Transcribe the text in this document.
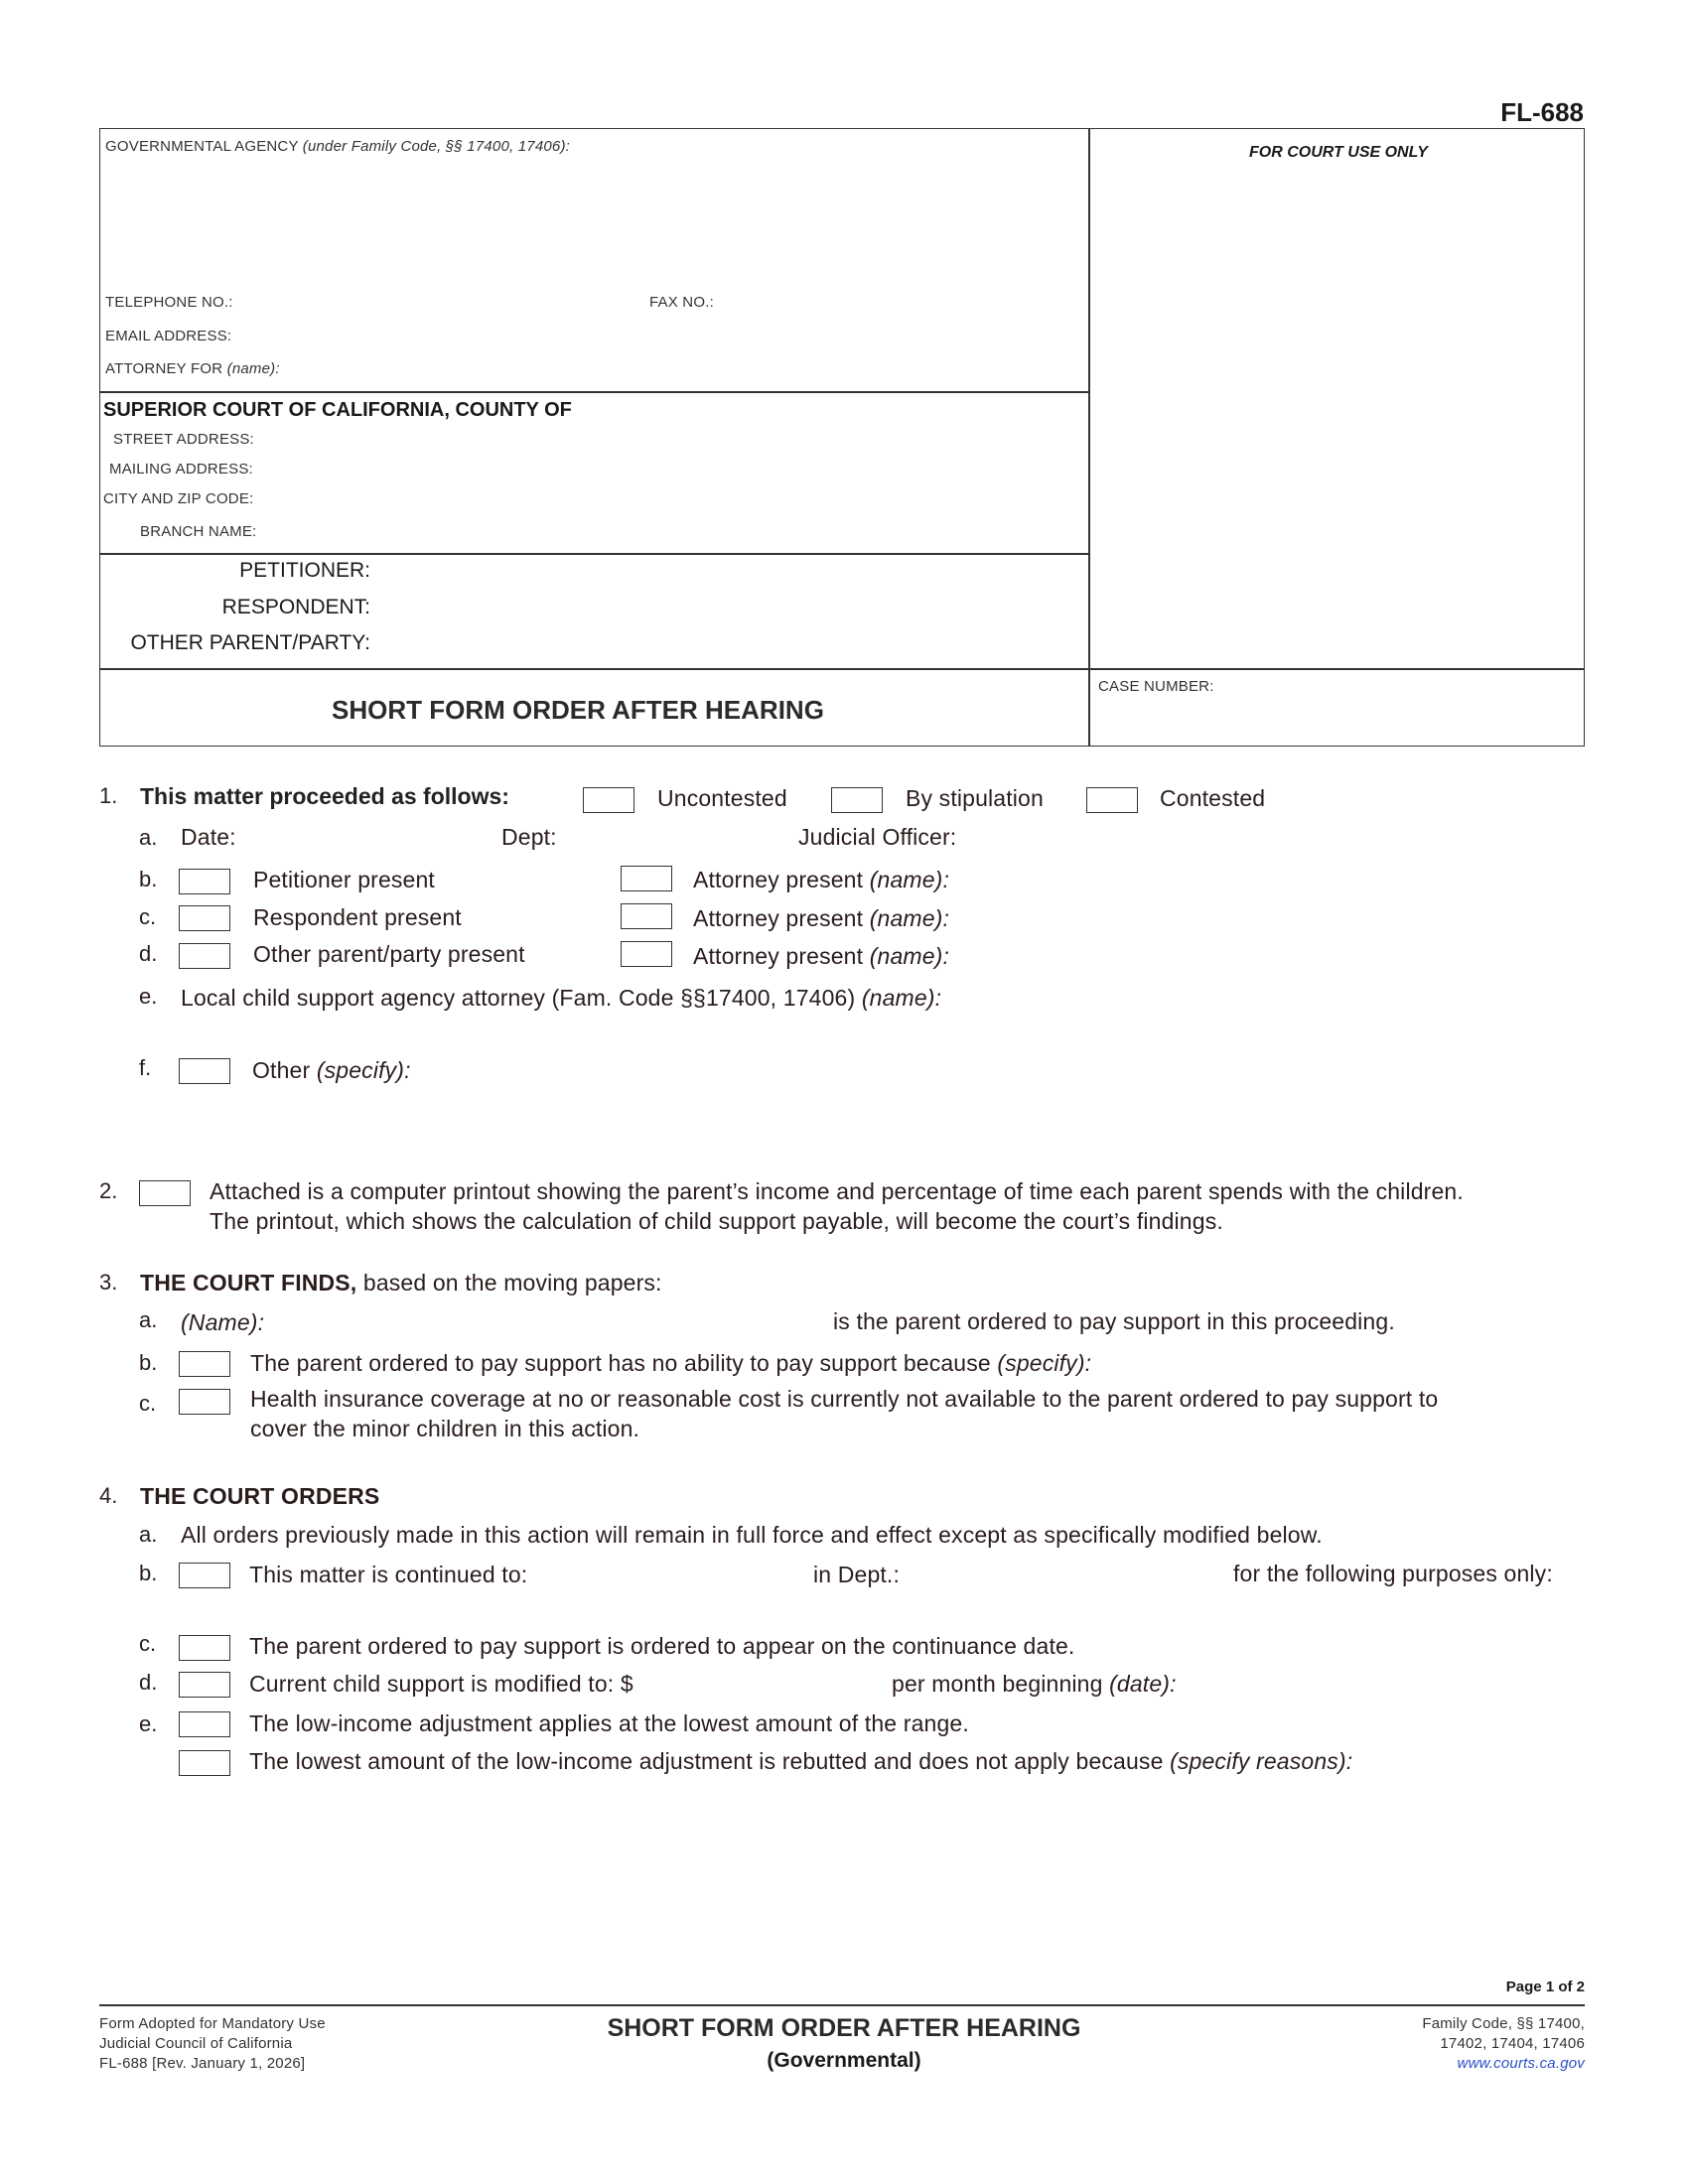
FL-688
GOVERNMENTAL AGENCY (under Family Code, §§ 17400, 17406):
TELEPHONE NO.:	FAX NO.:
EMAIL ADDRESS:
ATTORNEY FOR (name):
FOR COURT USE ONLY
SUPERIOR COURT OF CALIFORNIA, COUNTY OF
STREET ADDRESS:
MAILING ADDRESS:
CITY AND ZIP CODE:
BRANCH NAME:
PETITIONER:
RESPONDENT:
OTHER PARENT/PARTY:
SHORT FORM ORDER AFTER HEARING
CASE NUMBER:
1. This matter proceeded as follows:	Uncontested	By stipulation	Contested
a. Date:	Dept:	Judicial Officer:
b.	Petitioner present	Attorney present (name):
c.	Respondent present	Attorney present (name):
d.	Other parent/party present	Attorney present (name):
e. Local child support agency attorney (Fam. Code §§17400, 17406) (name):
f.	Other (specify):
2.	Attached is a computer printout showing the parent’s income and percentage of time each parent spends with the children.
The printout, which shows the calculation of child support payable, will become the court’s findings.
3. THE COURT FINDS, based on the moving papers:
a. (Name):	is the parent ordered to pay support in this proceeding.
b.	The parent ordered to pay support has no ability to pay support because (specify):
c.	Health insurance coverage at no or reasonable cost is currently not available to the parent ordered to pay support to
cover the minor children in this action.
4. THE COURT ORDERS
a. All orders previously made in this action will remain in full force and effect except as specifically modified below.
b.	This matter is continued to:	in Dept.:	for the following purposes only:
c.	The parent ordered to pay support is ordered to appear on the continuance date.
d.	Current child support is modified to: $	per month beginning (date):
e.	The low-income adjustment applies at the lowest amount of the range.
The lowest amount of the low-income adjustment is rebutted and does not apply because (specify reasons):
Page 1 of 2
Form Adopted for Mandatory Use
Judicial Council of California
FL-688 [Rev. January 1, 2026]
SHORT FORM ORDER AFTER HEARING
(Governmental)
Family Code, §§ 17400,
17402, 17404, 17406
www.courts.ca.gov
